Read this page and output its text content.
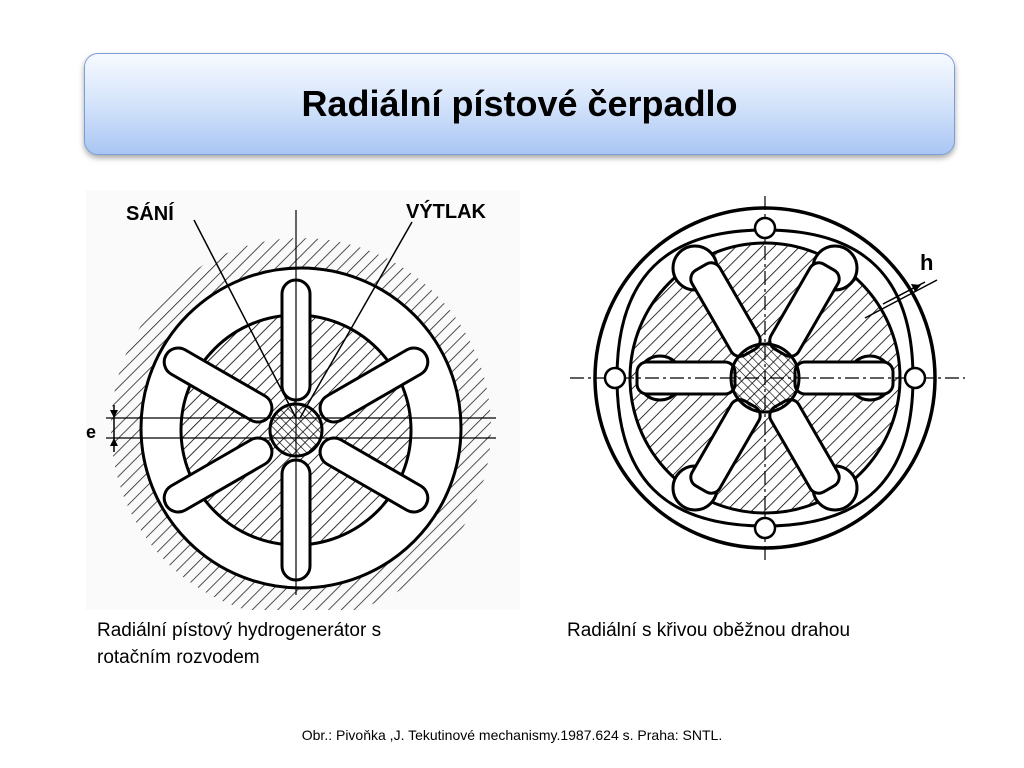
Radiální pístové čerpadlo
e
SÁNÍ	VÝTLAK
h
Radiální pístový hydrogenerátor s rotačním rozvodem
Radiální s křivou oběžnou drahou
Obr.: Pivoňka ,J. Tekutinové mechanismy.1987.624 s. Praha: SNTL.
